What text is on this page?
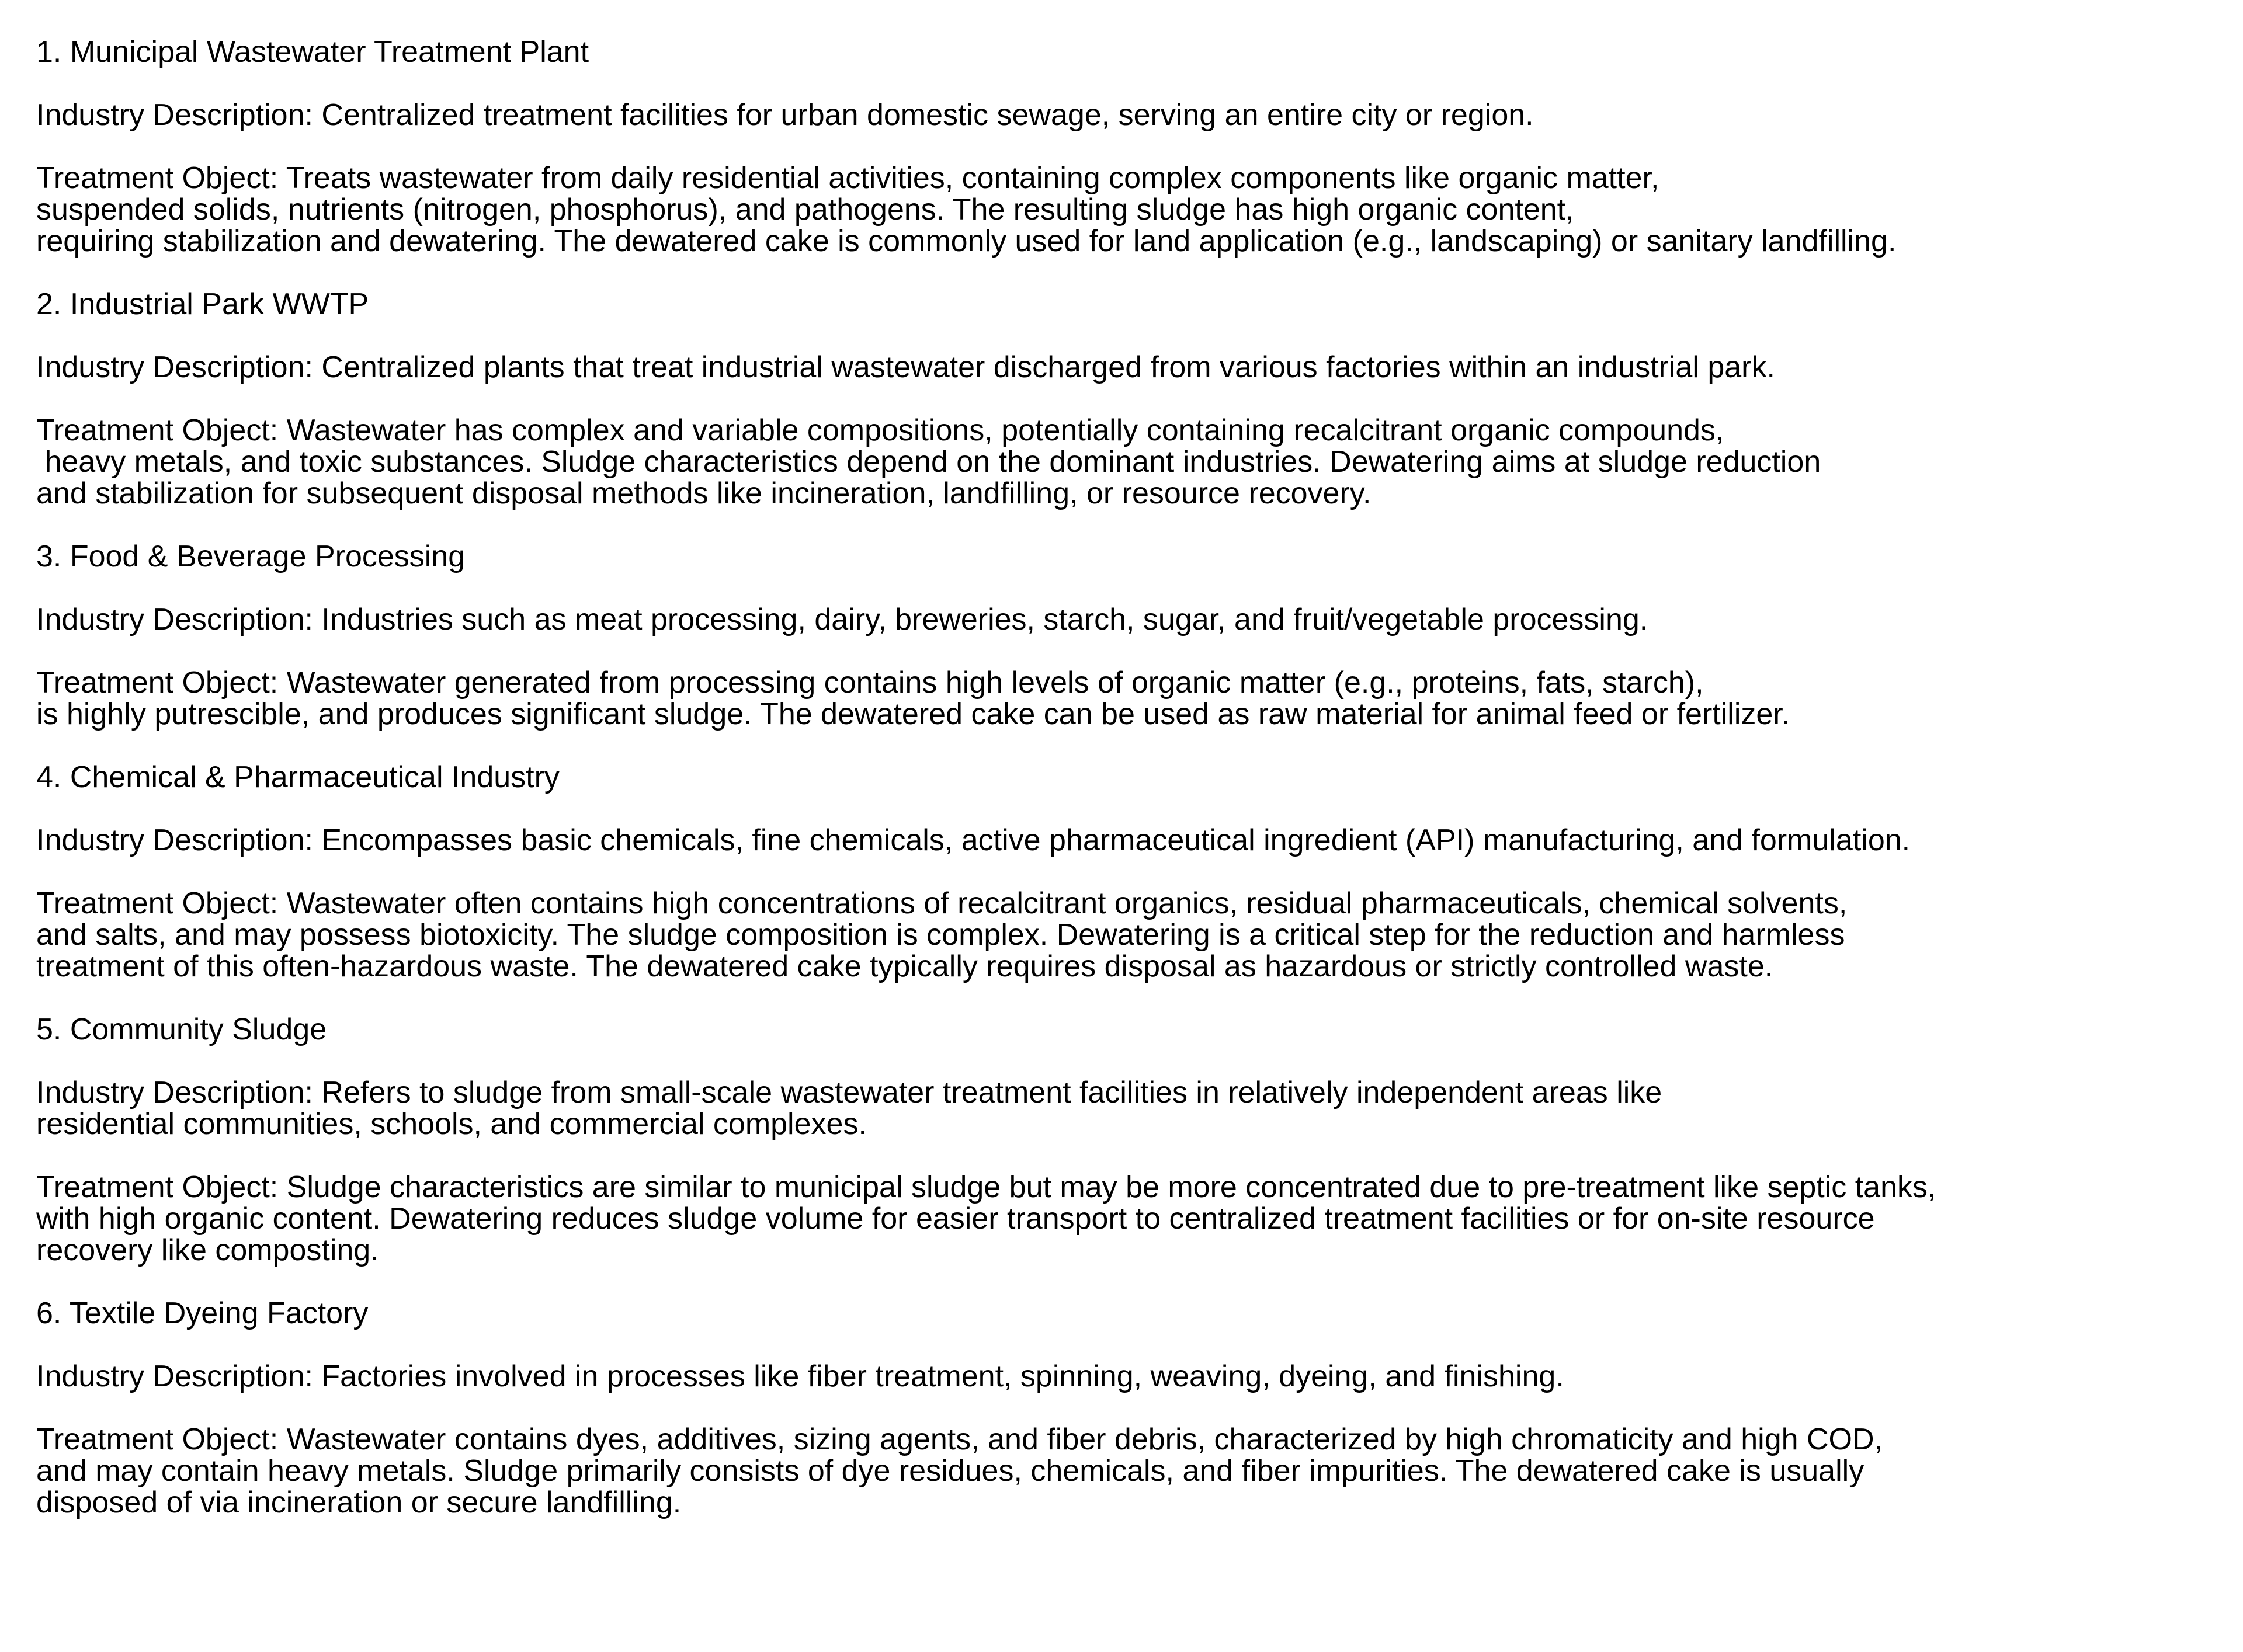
1. Municipal Wastewater Treatment Plant
Industry Description: Centralized treatment facilities for urban domestic sewage, serving an entire city or region.
Treatment Object: Treats wastewater from daily residential activities, containing complex components like organic matter,
suspended solids, nutrients (nitrogen, phosphorus), and pathogens. The resulting sludge has high organic content,
requiring stabilization and dewatering. The dewatered cake is commonly used for land application (e.g., landscaping) or sanitary landfilling.
2. Industrial Park WWTP
Industry Description: Centralized plants that treat industrial wastewater discharged from various factories within an industrial park.
Treatment Object: Wastewater has complex and variable compositions, potentially containing recalcitrant organic compounds,
heavy metals, and toxic substances. Sludge characteristics depend on the dominant industries. Dewatering aims at sludge reduction
and stabilization for subsequent disposal methods like incineration, landfilling, or resource recovery.
3. Food & Beverage Processing
Industry Description: Industries such as meat processing, dairy, breweries, starch, sugar, and fruit/vegetable processing.
Treatment Object: Wastewater generated from processing contains high levels of organic matter (e.g., proteins, fats, starch),
is highly putrescible, and produces significant sludge. The dewatered cake can be used as raw material for animal feed or fertilizer.
4. Chemical & Pharmaceutical Industry
Industry Description: Encompasses basic chemicals, fine chemicals, active pharmaceutical ingredient (API) manufacturing, and formulation.
Treatment Object: Wastewater often contains high concentrations of recalcitrant organics, residual pharmaceuticals, chemical solvents,
and salts, and may possess biotoxicity. The sludge composition is complex. Dewatering is a critical step for the reduction and harmless
treatment of this often-hazardous waste. The dewatered cake typically requires disposal as hazardous or strictly controlled waste.
5. Community Sludge
Industry Description: Refers to sludge from small-scale wastewater treatment facilities in relatively independent areas like
residential communities, schools, and commercial complexes.
Treatment Object: Sludge characteristics are similar to municipal sludge but may be more concentrated due to pre-treatment like septic tanks,
with high organic content. Dewatering reduces sludge volume for easier transport to centralized treatment facilities or for on-site resource
recovery like composting.
6. Textile Dyeing Factory
Industry Description: Factories involved in processes like fiber treatment, spinning, weaving, dyeing, and finishing.
Treatment Object: Wastewater contains dyes, additives, sizing agents, and fiber debris, characterized by high chromaticity and high COD,
and may contain heavy metals. Sludge primarily consists of dye residues, chemicals, and fiber impurities. The dewatered cake is usually
disposed of via incineration or secure landfilling.
